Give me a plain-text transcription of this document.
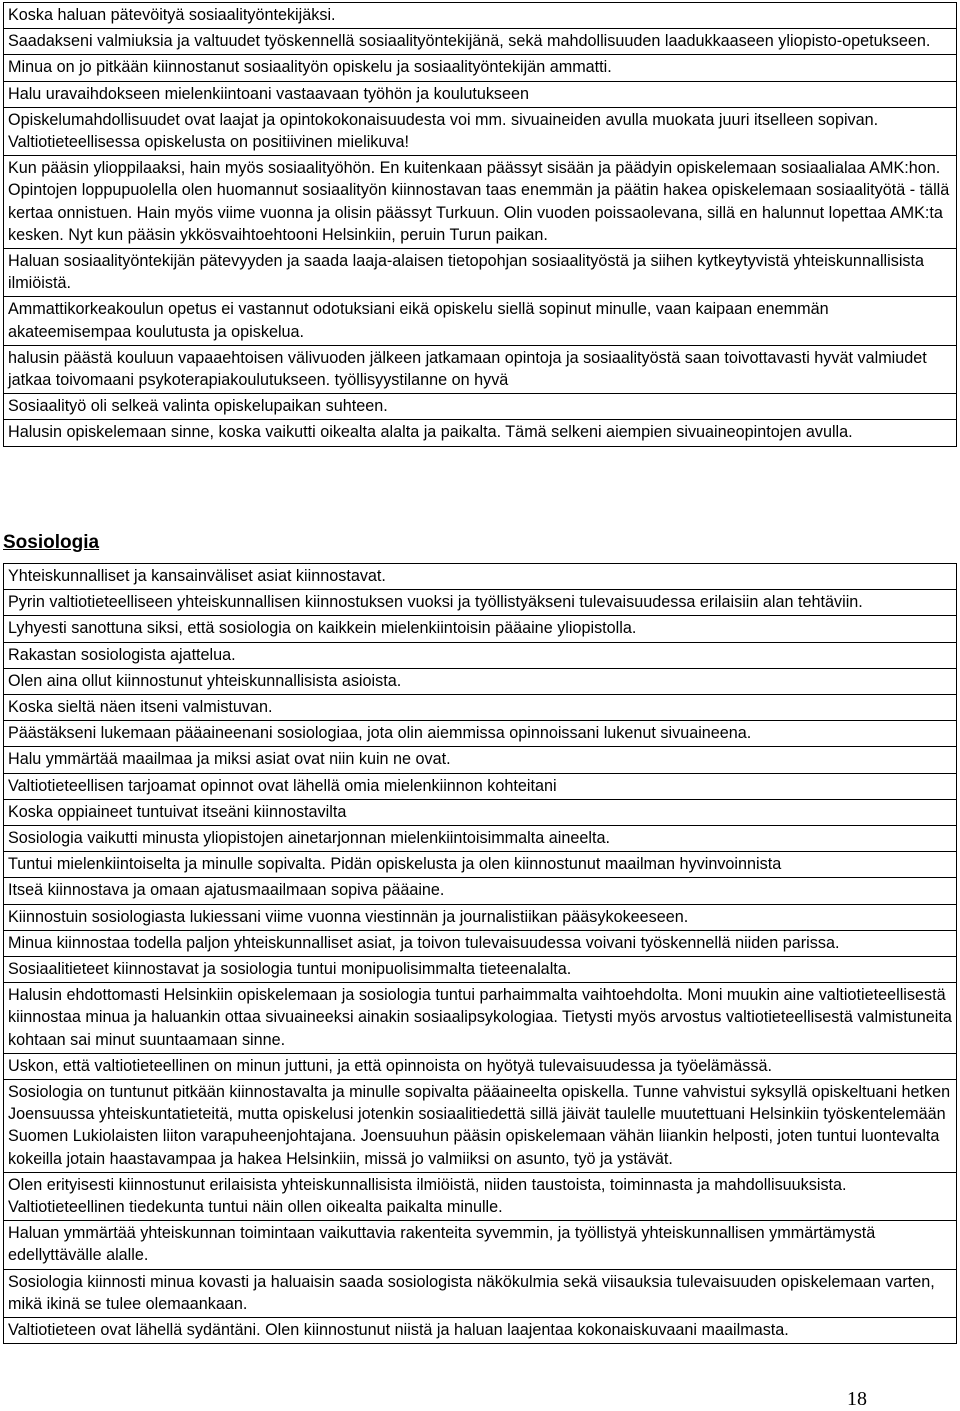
Koska haluan pätevöityä sosiaalityöntekijäksi.
Saadakseni valmiuksia ja valtuudet työskennellä sosiaalityöntekijänä, sekä mahdollisuuden laadukkaaseen yliopisto-opetukseen.
Minua on jo pitkään kiinnostanut sosiaalityön opiskelu ja sosiaalityöntekijän ammatti.
Halu uravaihdokseen mielenkiintoani vastaavaan työhön ja koulutukseen
Opiskelumahdollisuudet ovat laajat ja opintokokonaisuudesta voi mm. sivuaineiden avulla muokata juuri itselleen sopivan. Valtiotieteellisessa opiskelusta on positiivinen mielikuva!
Kun pääsin ylioppilaaksi, hain myös sosiaalityöhön. En kuitenkaan päässyt sisään ja päädyin opiskelemaan sosiaalialaa AMK:hon. Opintojen loppupuolella olen huomannut sosiaalityön kiinnostavan taas enemmän ja päätin hakea opiskelemaan sosiaalityötä - tällä kertaa onnistuen. Hain myös viime vuonna ja olisin päässyt Turkuun. Olin vuoden poissaolevana, sillä en halunnut lopettaa AMK:ta kesken. Nyt kun pääsin ykkösvaihtoehtooni Helsinkiin, peruin Turun paikan.
Haluan sosiaalityöntekijän pätevyyden ja saada laaja-alaisen tietopohjan sosiaalityöstä ja siihen kytkeytyvistä yhteiskunnallisista ilmiöistä.
Ammattikorkeakoulun opetus ei vastannut odotuksiani eikä opiskelu siellä sopinut minulle, vaan kaipaan enemmän akateemisempaa koulutusta ja opiskelua.
halusin päästä kouluun vapaaehtoisen välivuoden jälkeen jatkamaan opintoja ja sosiaalityöstä saan toivottavasti hyvät valmiudet jatkaa toivomaani psykoterapiakoulutukseen. työllisyystilanne on hyvä
Sosiaalityö oli selkeä valinta opiskelupaikan suhteen.
Halusin opiskelemaan sinne, koska vaikutti oikealta alalta ja paikalta. Tämä selkeni aiempien sivuaineopintojen avulla.
Sosiologia
Yhteiskunnalliset ja kansainväliset asiat kiinnostavat.
Pyrin valtiotieteelliseen yhteiskunnallisen kiinnostuksen vuoksi ja työllistyäkseni tulevaisuudessa erilaisiin alan tehtäviin.
Lyhyesti sanottuna siksi, että sosiologia on kaikkein mielenkiintoisin pääaine yliopistolla.
Rakastan sosiologista ajattelua.
Olen aina ollut kiinnostunut yhteiskunnallisista asioista.
Koska sieltä näen itseni valmistuvan.
Päästäkseni lukemaan pääaineenani sosiologiaa, jota olin aiemmissa opinnoissani lukenut sivuaineena.
Halu ymmärtää maailmaa ja miksi asiat ovat niin kuin ne ovat.
Valtiotieteellisen tarjoamat opinnot ovat lähellä omia mielenkiinnon kohteitani
Koska oppiaineet tuntuivat itseäni kiinnostavilta
Sosiologia vaikutti minusta yliopistojen ainetarjonnan mielenkiintoisimmalta aineelta.
Tuntui mielenkiintoiselta ja minulle sopivalta. Pidän opiskelusta ja olen kiinnostunut maailman hyvinvoinnista
Itseä kiinnostava ja omaan ajatusmaailmaan sopiva pääaine.
Kiinnostuin sosiologiasta lukiessani viime vuonna viestinnän ja journalistiikan pääsykokeeseen.
Minua kiinnostaa todella paljon yhteiskunnalliset asiat, ja toivon tulevaisuudessa voivani työskennellä niiden parissa.
Sosiaalitieteet kiinnostavat ja sosiologia tuntui monipuolisimmalta tieteenalalta.
Halusin ehdottomasti Helsinkiin opiskelemaan ja sosiologia tuntui parhaimmalta vaihtoehdolta. Moni muukin aine valtiotieteellisestä kiinnostaa minua ja haluankin ottaa sivuaineeksi ainakin sosiaalipsykologiaa. Tietysti myös arvostus valtiotieteellisestä valmistuneita kohtaan sai minut suuntaamaan sinne.
Uskon, että valtiotieteellinen on minun juttuni, ja että opinnoista on hyötyä tulevaisuudessa ja työelämässä.
Sosiologia on tuntunut pitkään kiinnostavalta ja minulle sopivalta pääaineelta opiskella. Tunne vahvistui syksyllä opiskeltuani hetken Joensuussa yhteiskuntatieteitä, mutta opiskelusi jotenkin sosiaalitiedettä sillä jäivät taulelle muutettuani Helsinkiin työskentelemään Suomen Lukiolaisten liiton varapuheenjohtajana. Joensuuhun pääsin opiskelemaan vähän liiankin helposti, joten tuntui luontevalta kokeilla jotain haastavampaa ja hakea Helsinkiin, missä jo valmiiksi on asunto, työ ja ystävät.
Olen erityisesti kiinnostunut erilaisista yhteiskunnallisista ilmiöistä, niiden taustoista, toiminnasta ja mahdollisuuksista. Valtiotieteellinen tiedekunta tuntui näin ollen oikealta paikalta minulle.
Haluan ymmärtää yhteiskunnan toimintaan vaikuttavia rakenteita syvemmin, ja työllistyä yhteiskunnallisen ymmärtämystä edellyttävälle alalle.
Sosiologia kiinnosti minua kovasti ja haluaisin saada sosiologista näkökulmia sekä viisauksia tulevaisuuden opiskelemaan varten, mikä ikinä se tulee olemaankaan.
Valtiotieteen ovat lähellä sydäntäni. Olen kiinnostunut niistä ja haluan laajentaa kokonaiskuvaani maailmasta.
18
